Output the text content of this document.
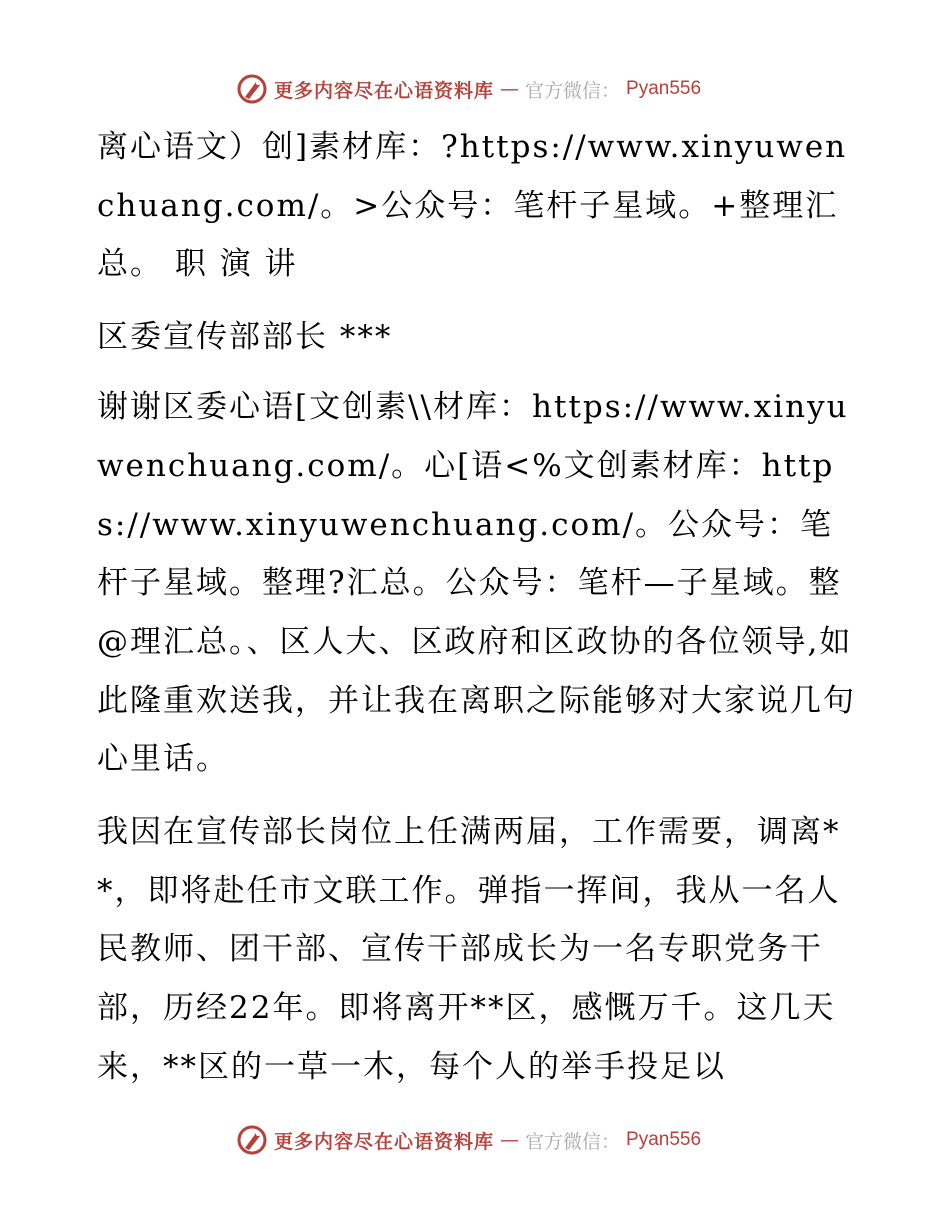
更多内容尽在心语资料库 — 官方微信： Pyan556

离心语文）创]素材库：?https://www.xinyuwenchuang.com/。>公众号：笔杆子星域。+整理汇总。 职 演 讲

区委宣传部部长 ***

谢谢区委心语[文创素\\材库：https://www.xinyuwenchuang.com/。心[语<%文创素材库：https://www.xinyuwenchuang.com/。公众号：笔杆子星域。整理?汇总。公众号：笔杆—子星域。整@理汇总。、区人大、区政府和区政协的各位领导,如此隆重欢送我，并让我在离职之际能够对大家说几句心里话。

我因在宣传部长岗位上任满两届，工作需要，调离**，即将赴任市文联工作。弹指一挥间，我从一名人民教师、团干部、宣传干部成长为一名专职党务干部，历经22年。即将离开**区，感慨万千。这几天来，**区的一草一木，每个人的举手投足以

更多内容尽在心语资料库 — 官方微信： Pyan556
